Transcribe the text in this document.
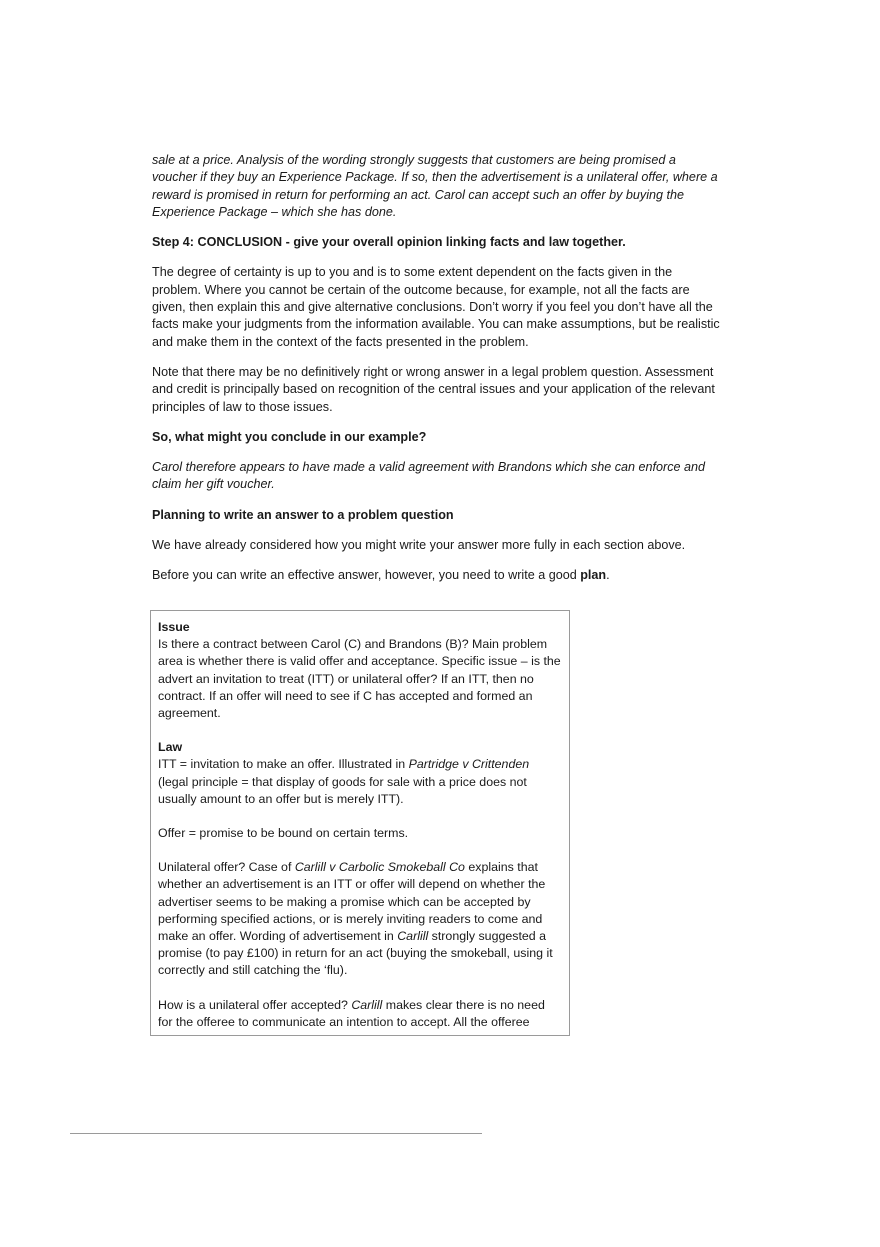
sale at a price. Analysis of the wording strongly suggests that customers are being promised a voucher if they buy an Experience Package. If so, then the advertisement is a unilateral offer, where a reward is promised in return for performing an act. Carol can accept such an offer by buying the Experience Package – which she has done.

Step 4: CONCLUSION - give your overall opinion linking facts and law together.

The degree of certainty is up to you and is to some extent dependent on the facts given in the problem. Where you cannot be certain of the outcome because, for example, not all the facts are given, then explain this and give alternative conclusions. Don’t worry if you feel you don’t have all the facts make your judgments from the information available. You can make assumptions, but be realistic and make them in the context of the facts presented in the problem.

Note that there may be no definitively right or wrong answer in a legal problem question. Assessment and credit is principally based on recognition of the central issues and your application of the relevant principles of law to those issues.

So, what might you conclude in our example?

Carol therefore appears to have made a valid agreement with Brandons which she can enforce and claim her gift voucher.

Planning to write an answer to a problem question

We have already considered how you might write your answer more fully in each section above.

Before you can write an effective answer, however, you need to write a good plan.

Issue
Is there a contract between Carol (C) and Brandons (B)? Main problem area is whether there is valid offer and acceptance. Specific issue – is the advert an invitation to treat (ITT) or unilateral offer? If an ITT, then no contract. If an offer will need to see if C has accepted and formed an agreement.
Law
ITT = invitation to make an offer. Illustrated in Partridge v Crittenden (legal principle = that display of goods for sale with a price does not usually amount to an offer but is merely ITT).
Offer = promise to be bound on certain terms.
Unilateral offer? Case of Carlill v Carbolic Smokeball Co explains that whether an advertisement is an ITT or offer will depend on whether the advertiser seems to be making a promise which can be accepted by performing specified actions, or is merely inviting readers to come and make an offer. Wording of advertisement in Carlill strongly suggested a promise (to pay £100) in return for an act (buying the smokeball, using it correctly and still catching the ‘flu).
How is a unilateral offer accepted? Carlill makes clear there is no need for the offeree to communicate an intention to accept. All the offeree
